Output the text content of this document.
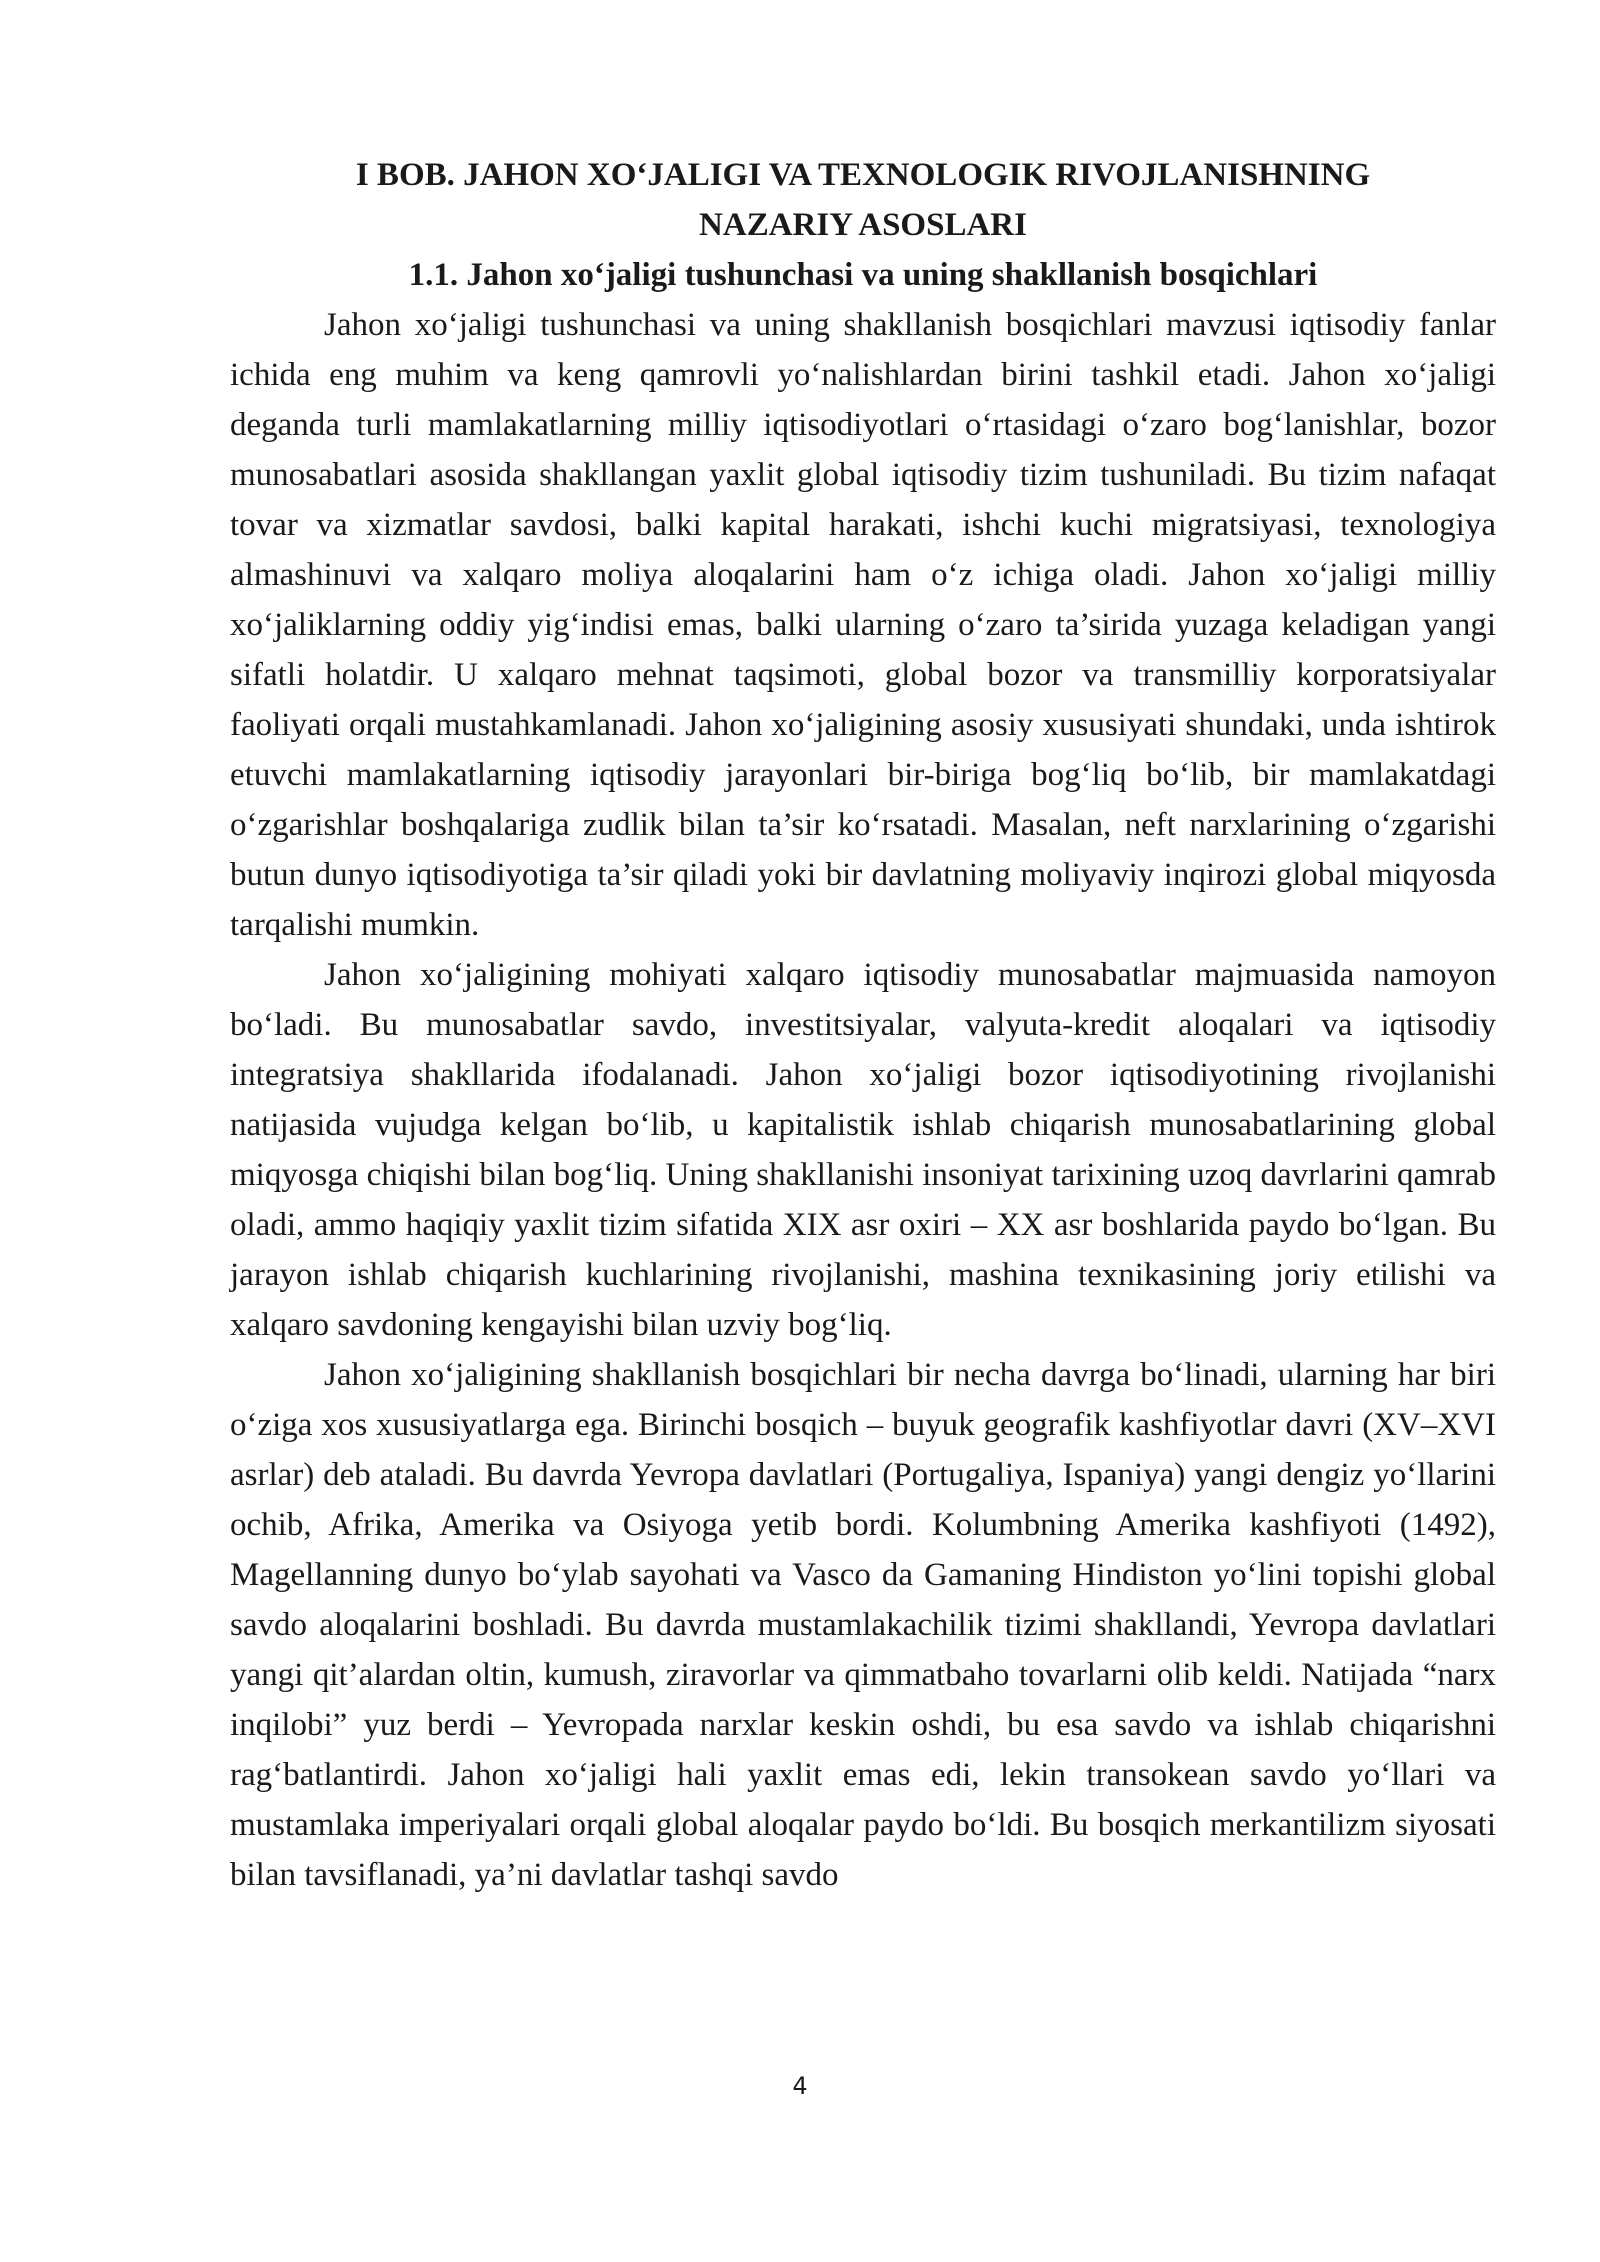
I BOB. JAHON XO‘JALIGI VA TEXNOLOGIK RIVOJLANISHNING
NAZARIY ASOSLARI
1.1. Jahon xo‘jaligi tushunchasi va uning shakllanish bosqichlari

Jahon xo‘jaligi tushunchasi va uning shakllanish bosqichlari mavzusi iqtisodiy fanlar ichida eng muhim va keng qamrovli yo‘nalishlardan birini tashkil etadi. Jahon xo‘jaligi deganda turli mamlakatlarning milliy iqtisodiyotlari o‘rtasidagi o‘zaro bog‘lanishlar, bozor munosabatlari asosida shakllangan yaxlit global iqtisodiy tizim tushuniladi. Bu tizim nafaqat tovar va xizmatlar savdosi, balki kapital harakati, ishchi kuchi migratsiyasi, texnologiya almashinuvi va xalqaro moliya aloqalarini ham o‘z ichiga oladi. Jahon xo‘jaligi milliy xo‘jaliklarning oddiy yig‘indisi emas, balki ularning o‘zaro ta’sirida yuzaga keladigan yangi sifatli holatdir. U xalqaro mehnat taqsimoti, global bozor va transmilliy korporatsiyalar faoliyati orqali mustahkamlanadi. Jahon xo‘jaligining asosiy xususiyati shundaki, unda ishtirok etuvchi mamlakatlarning iqtisodiy jarayonlari bir-biriga bog‘liq bo‘lib, bir mamlakatdagi o‘zgarishlar boshqalariga zudlik bilan ta’sir ko‘rsatadi. Masalan, neft narxlarining o‘zgarishi butun dunyo iqtisodiyotiga ta’sir qiladi yoki bir davlatning moliyaviy inqirozi global miqyosda tarqalishi mumkin.

Jahon xo‘jaligining mohiyati xalqaro iqtisodiy munosabatlar majmuasida namoyon bo‘ladi. Bu munosabatlar savdo, investitsiyalar, valyuta-kredit aloqalari va iqtisodiy integratsiya shakllarida ifodalanadi. Jahon xo‘jaligi bozor iqtisodiyotining rivojlanishi natijasida vujudga kelgan bo‘lib, u kapitalistik ishlab chiqarish munosabatlarining global miqyosga chiqishi bilan bog‘liq. Uning shakllanishi insoniyat tarixining uzoq davrlarini qamrab oladi, ammo haqiqiy yaxlit tizim sifatida XIX asr oxiri – XX asr boshlarida paydo bo‘lgan. Bu jarayon ishlab chiqarish kuchlarining rivojlanishi, mashina texnikasining joriy etilishi va xalqaro savdoning kengayishi bilan uzviy bog‘liq.

Jahon xo‘jaligining shakllanish bosqichlari bir necha davrga bo‘linadi, ularning har biri o‘ziga xos xususiyatlarga ega. Birinchi bosqich – buyuk geografik kashfiyotlar davri (XV–XVI asrlar) deb ataladi. Bu davrda Yevropa davlatlari (Portugaliya, Ispaniya) yangi dengiz yo‘llarini ochib, Afrika, Amerika va Osiyoga yetib bordi. Kolumbning Amerika kashfiyoti (1492), Magellanning dunyo bo‘ylab sayohati va Vasco da Gamaning Hindiston yo‘lini topishi global savdo aloqalarini boshladi. Bu davrda mustamlakachilik tizimi shakllandi, Yevropa davlatlari yangi qit’alardan oltin, kumush, ziravorlar va qimmatbaho tovarlarni olib keldi. Natijada “narx inqilobi” yuz berdi – Yevropada narxlar keskin oshdi, bu esa savdo va ishlab chiqarishni rag‘batlantirdi. Jahon xo‘jaligi hali yaxlit emas edi, lekin transokean savdo yo‘llari va mustamlaka imperiyalari orqali global aloqalar paydo bo‘ldi. Bu bosqich merkantilizm siyosati bilan tavsiflanadi, ya’ni davlatlar tashqi savdo

4
